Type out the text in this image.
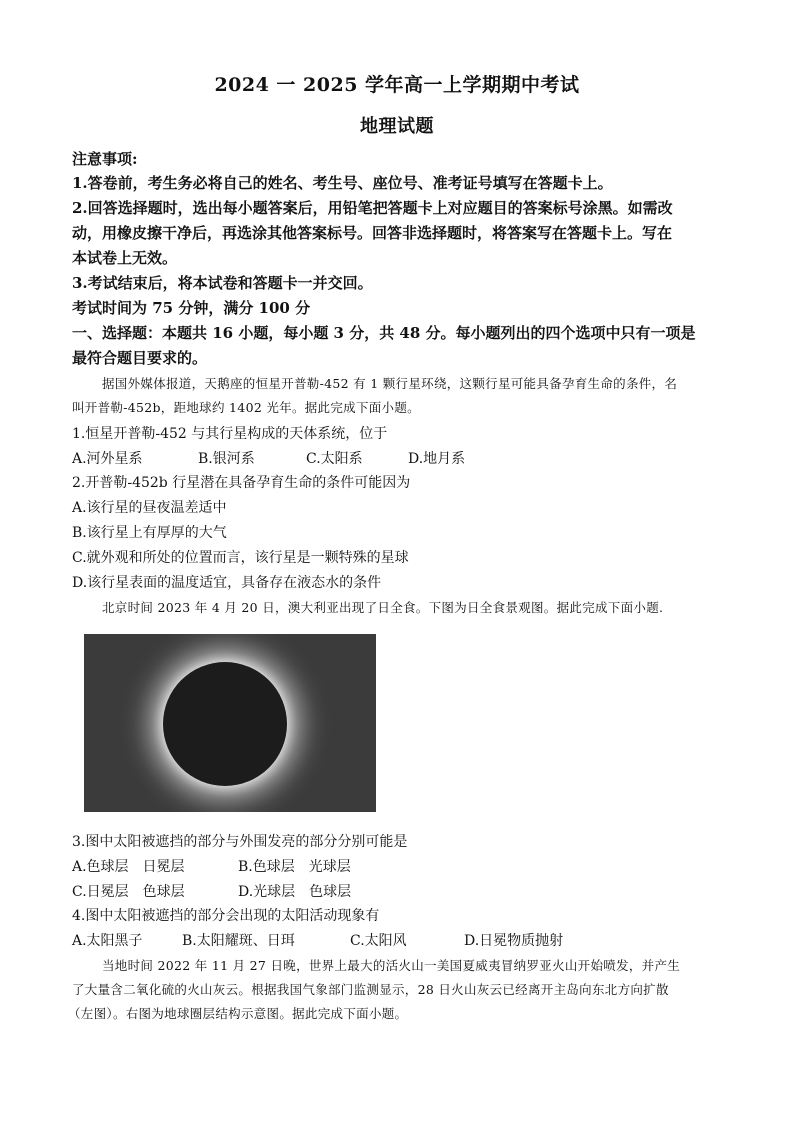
2024 一 2025 学年高一上学期期中考试
地理试题
注意事项:
1.答卷前，考生务必将自己的姓名、考生号、座位号、准考证号填写在答题卡上。
2.回答选择题时，选出每小题答案后，用铅笔把答题卡上对应题目的答案标号涂黑。如需改
动，用橡皮擦干净后，再选涂其他答案标号。回答非选择题时，将答案写在答题卡上。写在
本试卷上无效。
3.考试结束后，将本试卷和答题卡一并交回。
考试时间为 75 分钟，满分 100 分
一、选择题：本题共 16 小题，每小题 3 分，共 48 分。每小题列出的四个选项中只有一项是
最符合题目要求的。
据国外媒体报道，天鹅座的恒星开普勒-452 有 1 颗行星环绕，这颗行星可能具备孕育生命的条件，名
叫开普勒-452b，距地球约 1402 光年。据此完成下面小题。
1.恒星开普勒-452 与其行星构成的天体系统，位于
A.河外星系	B.银河系	C.太阳系	D.地月系
2.开普勒-452b 行星潜在具备孕育生命的条件可能因为
A.该行星的昼夜温差适中
B.该行星上有厚厚的大气
C.就外观和所处的位置而言，该行星是一颗特殊的星球
D.该行星表面的温度适宜，具备存在液态水的条件
北京时间 2023 年 4 月 20 日，澳大利亚出现了日全食。下图为日全食景观图。据此完成下面小题.
3.图中太阳被遮挡的部分与外围发亮的部分分别可能是
A.色球层　日冕层	B.色球层　光球层
C.日冕层　色球层	D.光球层　色球层
4.图中太阳被遮挡的部分会出现的太阳活动现象有
A.太阳黑子	B.太阳耀斑、日珥	C.太阳风	D.日冕物质抛射
当地时间 2022 年 11 月 27 日晚，世界上最大的活火山一美国夏威夷冒纳罗亚火山开始喷发，并产生
了大量含二氧化硫的火山灰云。根据我国气象部门监测显示，28 日火山灰云已经离开主岛向东北方向扩散
（左图）。右图为地球圈层结构示意图。据此完成下面小题。
